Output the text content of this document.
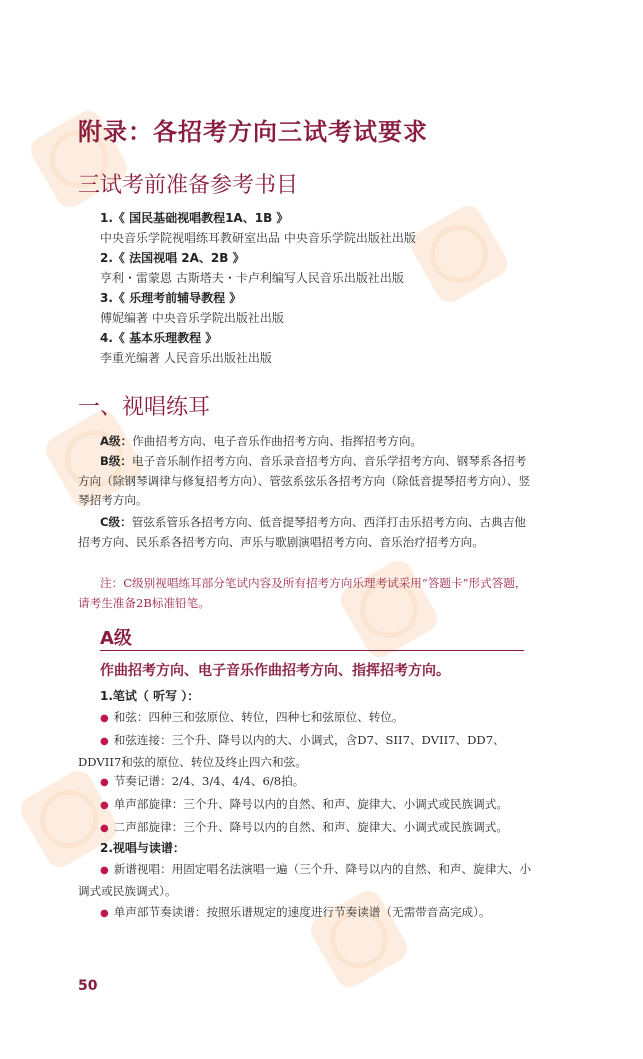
附录：各招考方向三试考试要求
三试考前准备参考书目
1.《 国民基础视唱教程1A、1B 》
中央音乐学院视唱练耳教研室出品 中央音乐学院出版社出版
2.《 法国视唱 2A、2B 》
亨利・雷蒙恩 古斯塔夫・卡卢利编写人民音乐出版社出版
3.《 乐理考前辅导教程 》
傅妮编著 中央音乐学院出版社出版
4.《 基本乐理教程 》
李重光编著 人民音乐出版社出版
一、视唱练耳
A级：作曲招考方向、电子音乐作曲招考方向、指挥招考方向。
B级：电子音乐制作招考方向、音乐录音招考方向、音乐学招考方向、钢琴系各招考方向（除钢琴调律与修复招考方向）、管弦系弦乐各招考方向（除低音提琴招考方向）、竖琴招考方向。
C级：管弦系管乐各招考方向、低音提琴招考方向、西洋打击乐招考方向、古典吉他招考方向、民乐系各招考方向、声乐与歌剧演唱招考方向、音乐治疗招考方向。
注：C级别视唱练耳部分笔试内容及所有招考方向乐理考试采用“答题卡”形式答题，请考生准备2B标准铅笔。
A级
作曲招考方向、电子音乐作曲招考方向、指挥招考方向。
1.笔试（ 听写 ）：
● 和弦：四种三和弦原位、转位，四种七和弦原位、转位。
● 和弦连接：三个升、降号以内的大、小调式，含D7、SII7、DVII7、DD7、DDVII7和弦的原位、转位及终止四六和弦。
● 节奏记谱：2/4、3/4、4/4、6/8拍。
● 单声部旋律：三个升、降号以内的自然、和声、旋律大、小调式或民族调式。
● 二声部旋律：三个升、降号以内的自然、和声、旋律大、小调式或民族调式。
2.视唱与读谱：
● 新谱视唱：用固定唱名法演唱一遍（三个升、降号以内的自然、和声、旋律大、小调式或民族调式）。
● 单声部节奏读谱：按照乐谱规定的速度进行节奏读谱（无需带音高完成）。
50
